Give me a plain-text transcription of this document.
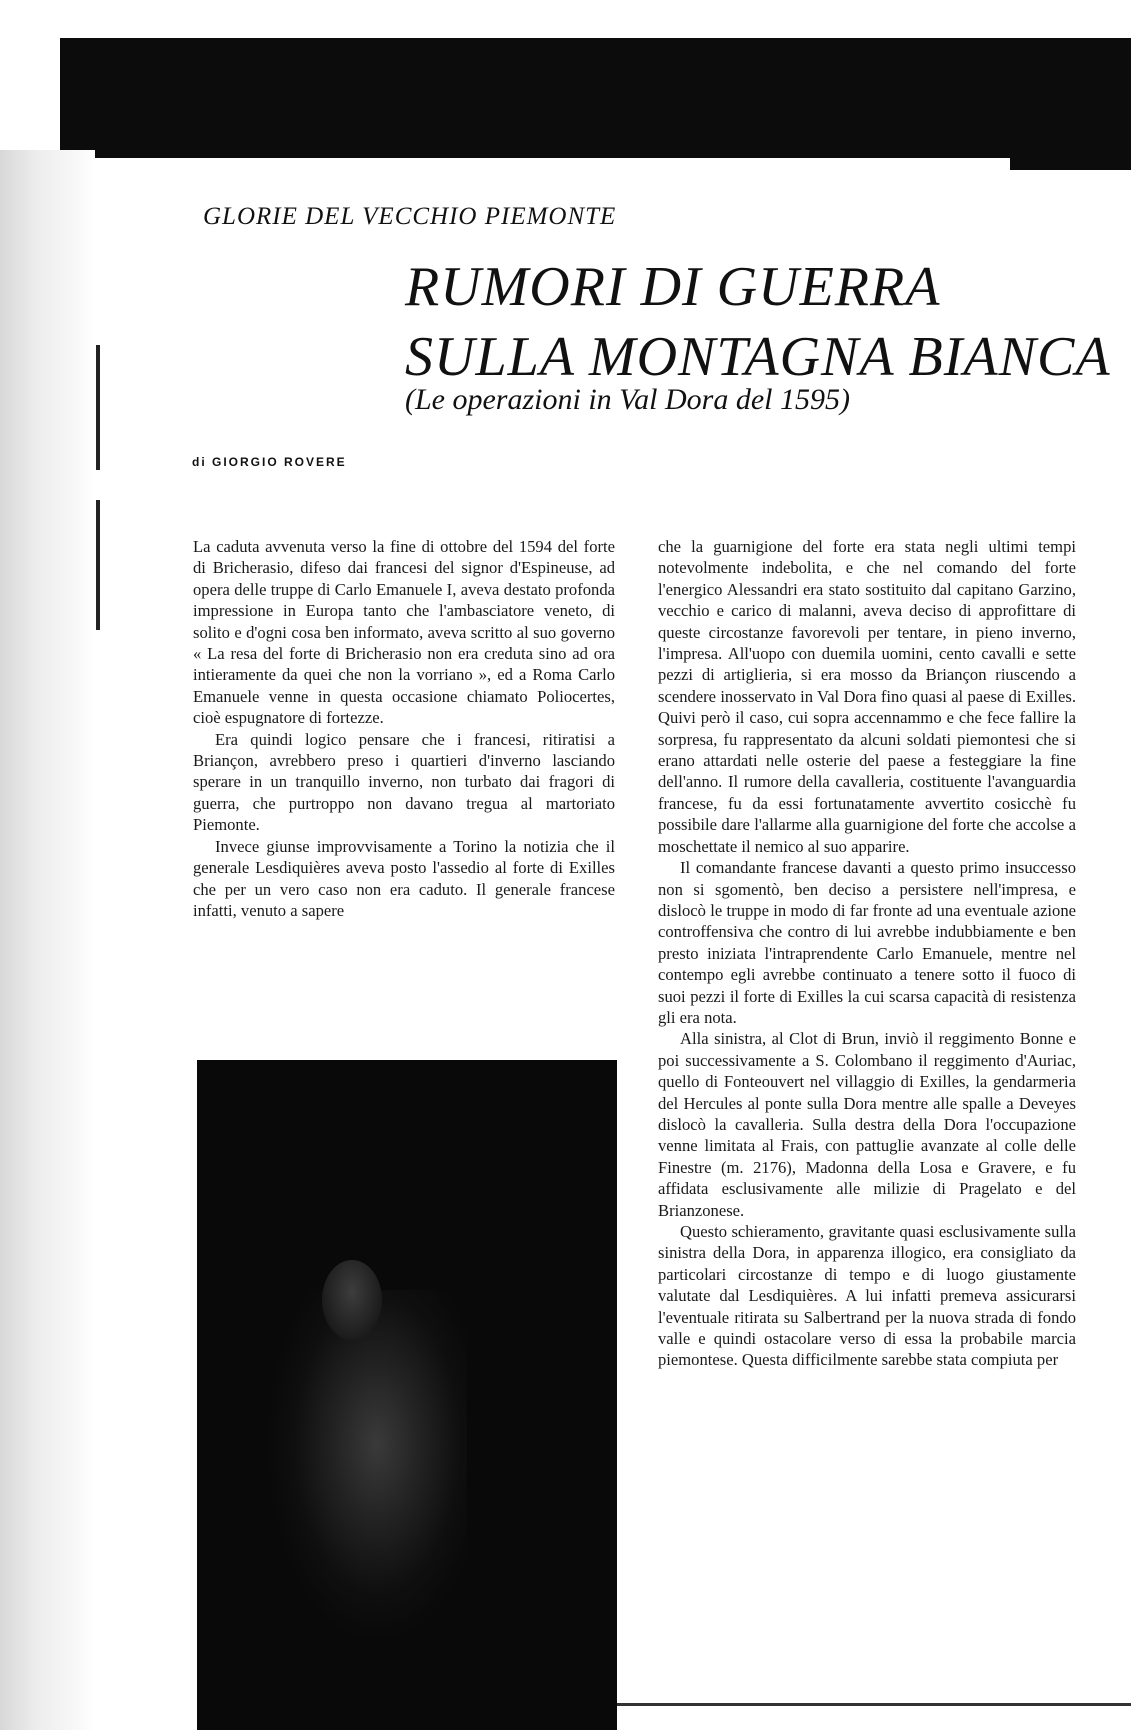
GLORIE DEL VECCHIO PIEMONTE
RUMORI DI GUERRA
SULLA MONTAGNA BIANCA
(Le operazioni in Val Dora del 1595)
di GIORGIO ROVERE

La caduta avvenuta verso la fine di ottobre del 1594 del forte di Bricherasio, difeso dai francesi del signor d'Espineuse, ad opera delle truppe di Carlo Emanuele I, aveva destato profonda impressione in Europa tanto che l'ambasciatore veneto, di solito e d'ogni cosa ben informato, aveva scritto al suo governo « La resa del forte di Bricherasio non era creduta sino ad ora intieramente da quei che non la vorriano », ed a Roma Carlo Emanuele venne in questa occasione chiamato Poliocertes, cioè espugnatore di fortezze.

Era quindi logico pensare che i francesi, ritiratisi a Briançon, avrebbero preso i quartieri d'inverno lasciando sperare in un tranquillo inverno, non turbato dai fragori di guerra, che purtroppo non davano tregua al martoriato Piemonte.

Invece giunse improvvisamente a Torino la notizia che il generale Lesdiquières aveva posto l'assedio al forte di Exilles che per un vero caso non era caduto. Il generale francese infatti, venuto a sapere

che la guarnigione del forte era stata negli ultimi tempi notevolmente indebolita, e che nel comando del forte l'energico Alessandri era stato sostituito dal capitano Garzino, vecchio e carico di malanni, aveva deciso di approfittare di queste circostanze favorevoli per tentare, in pieno inverno, l'impresa. All'uopo con duemila uomini, cento cavalli e sette pezzi di artiglieria, si era mosso da Briançon riuscendo a scendere inosservato in Val Dora fino quasi al paese di Exilles. Quivi però il caso, cui sopra accennammo e che fece fallire la sorpresa, fu rappresentato da alcuni soldati piemontesi che si erano attardati nelle osterie del paese a festeggiare la fine dell'anno. Il rumore della cavalleria, costituente l'avanguardia francese, fu da essi fortunatamente avvertito cosicchè fu possibile dare l'allarme alla guarnigione del forte che accolse a moschettate il nemico al suo apparire.

Il comandante francese davanti a questo primo insuccesso non si sgomentò, ben deciso a persistere nell'impresa, e dislocò le truppe in modo di far fronte ad una eventuale azione controffensiva che contro di lui avrebbe indubbiamente e ben presto iniziata l'intraprendente Carlo Emanuele, mentre nel contempo egli avrebbe continuato a tenere sotto il fuoco di suoi pezzi il forte di Exilles la cui scarsa capacità di resistenza gli era nota.

Alla sinistra, al Clot di Brun, inviò il reggimento Bonne e poi successivamente a S. Colombano il reggimento d'Auriac, quello di Fonteouvert nel villaggio di Exilles, la gendarmeria del Hercules al ponte sulla Dora mentre alle spalle a Deveyes dislocò la cavalleria. Sulla destra della Dora l'occupazione venne limitata al Frais, con pattuglie avanzate al colle delle Finestre (m. 2176), Madonna della Losa e Gravere, e fu affidata esclusivamente alle milizie di Pragelato e del Brianzonese.

Questo schieramento, gravitante quasi esclusivamente sulla sinistra della Dora, in apparenza illogico, era consigliato da particolari circostanze di tempo e di luogo giustamente valutate dal Lesdiquières. A lui infatti premeva assicurarsi l'eventuale ritirata su Salbertrand per la nuova strada di fondo valle e quindi ostacolare verso di essa la probabile marcia piemontese. Questa difficilmente sarebbe stata compiuta per
